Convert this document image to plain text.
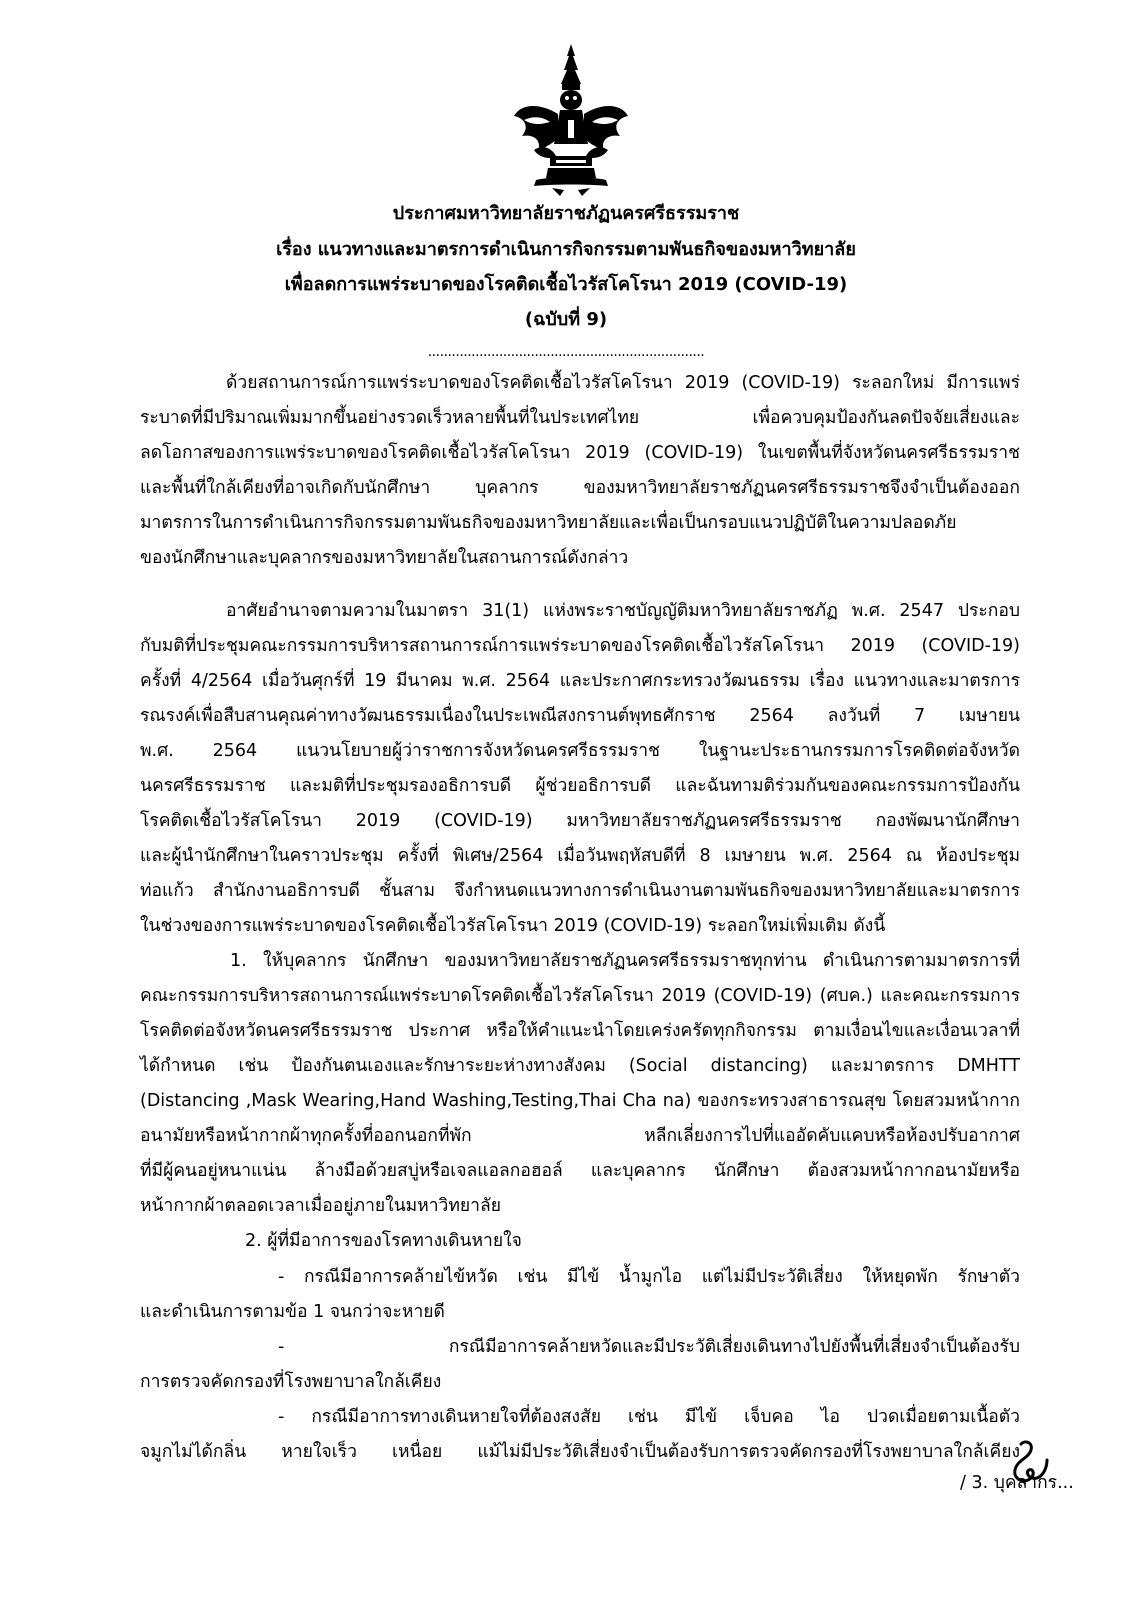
ประกาศมหาวิทยาลัยราชภัฏนครศรีธรรมราช
เรื่อง แนวทางและมาตรการดำเนินการกิจกรรมตามพันธกิจของมหาวิทยาลัย
เพื่อลดการแพร่ระบาดของโรคติดเชื้อไวรัสโคโรนา 2019 (COVID-19)
(ฉบับที่ 9)
......................................................................
ด้วยสถานการณ์การแพร่ระบาดของโรคติดเชื้อไวรัสโคโรนา 2019 (COVID-19) ระลอกใหม่ มีการแพร่
ระบาดที่มีปริมาณเพิ่มมากขึ้นอย่างรวดเร็วหลายพื้นที่ในประเทศไทย เพื่อควบคุมป้องกันลดปัจจัยเสี่ยงและ
ลดโอกาสของการแพร่ระบาดของโรคติดเชื้อไวรัสโคโรนา 2019 (COVID-19) ในเขตพื้นที่จังหวัดนครศรีธรรมราช
และพื้นที่ใกล้เคียงที่อาจเกิดกับนักศึกษา บุคลากร ของมหาวิทยาลัยราชภัฏนครศรีธรรมราชจึงจำเป็นต้องออก
มาตรการในการดำเนินการกิจกรรมตามพันธกิจของมหาวิทยาลัยและเพื่อเป็นกรอบแนวปฏิบัติในความปลอดภัย
ของนักศึกษาและบุคลากรของมหาวิทยาลัยในสถานการณ์ดังกล่าว
อาศัยอำนาจตามความในมาตรา 31(1) แห่งพระราชบัญญัติมหาวิทยาลัยราชภัฏ พ.ศ. 2547 ประกอบ
กับมติที่ประชุมคณะกรรมการบริหารสถานการณ์การแพร่ระบาดของโรคติดเชื้อไวรัสโคโรนา 2019 (COVID-19)
ครั้งที่ 4/2564 เมื่อวันศุกร์ที่ 19 มีนาคม พ.ศ. 2564 และประกาศกระทรวงวัฒนธรรม เรื่อง แนวทางและมาตรการ
รณรงค์เพื่อสืบสานคุณค่าทางวัฒนธรรมเนื่องในประเพณีสงกรานต์พุทธศักราช 2564 ลงวันที่ 7 เมษายน
พ.ศ. 2564 แนวนโยบายผู้ว่าราชการจังหวัดนครศรีธรรมราช ในฐานะประธานกรรมการโรคติดต่อจังหวัด
นครศรีธรรมราช และมติที่ประชุมรองอธิการบดี ผู้ช่วยอธิการบดี และฉันทามติร่วมกันของคณะกรรมการป้องกัน
โรคติดเชื้อไวรัสโคโรนา 2019 (COVID-19) มหาวิทยาลัยราชภัฏนครศรีธรรมราช กองพัฒนานักศึกษา
และผู้นำนักศึกษาในคราวประชุม ครั้งที่ พิเศษ/2564 เมื่อวันพฤหัสบดีที่ 8 เมษายน พ.ศ. 2564 ณ ห้องประชุม
ท่อแก้ว สำนักงานอธิการบดี ชั้นสาม จึงกำหนดแนวทางการดำเนินงานตามพันธกิจของมหาวิทยาลัยและมาตรการ
ในช่วงของการแพร่ระบาดของโรคติดเชื้อไวรัสโคโรนา 2019 (COVID-19) ระลอกใหม่เพิ่มเติม ดังนี้
1. ให้บุคลากร นักศึกษา ของมหาวิทยาลัยราชภัฏนครศรีธรรมราชทุกท่าน ดำเนินการตามมาตรการที่
คณะกรรมการบริหารสถานการณ์แพร่ระบาดโรคติดเชื้อไวรัสโคโรนา 2019 (COVID-19) (ศบค.) และคณะกรรมการ
โรคติดต่อจังหวัดนครศรีธรรมราช ประกาศ หรือให้คำแนะนำโดยเคร่งครัดทุกกิจกรรม ตามเงื่อนไขและเงื่อนเวลาที่
ได้กำหนด เช่น ป้องกันตนเองและรักษาระยะห่างทางสังคม (Social distancing) และมาตรการ DMHTT
(Distancing ,Mask Wearing,Hand Washing,Testing,Thai Cha na) ของกระทรวงสาธารณสุข โดยสวมหน้ากาก
อนามัยหรือหน้ากากผ้าทุกครั้งที่ออกนอกที่พัก หลีกเลี่ยงการไปที่แออัดคับแคบหรือห้องปรับอากาศ
ที่มีผู้คนอยู่หนาแน่น ล้างมือด้วยสบู่หรือเจลแอลกอฮอล์ และบุคลากร นักศึกษา ต้องสวมหน้ากากอนามัยหรือ
หน้ากากผ้าตลอดเวลาเมื่ออยู่ภายในมหาวิทยาลัย
2. ผู้ที่มีอาการของโรคทางเดินหายใจ
- กรณีมีอาการคล้ายไข้หวัด เช่น มีไข้ น้ำมูกไอ แต่ไม่มีประวัติเสี่ยง ให้หยุดพัก รักษาตัว
และดำเนินการตามข้อ 1 จนกว่าจะหายดี
- กรณีมีอาการคล้ายหวัดและมีประวัติเสี่ยงเดินทางไปยังพื้นที่เสี่ยงจำเป็นต้องรับ
การตรวจคัดกรองที่โรงพยาบาลใกล้เคียง
- กรณีมีอาการทางเดินหายใจที่ต้องสงสัย เช่น มีไข้ เจ็บคอ ไอ ปวดเมื่อยตามเนื้อตัว
จมูกไม่ได้กลิ่น หายใจเร็ว เหนื่อย แม้ไม่มีประวัติเสี่ยงจำเป็นต้องรับการตรวจคัดกรองที่โรงพยาบาลใกล้เคียง
/ 3. บุคลากร...
